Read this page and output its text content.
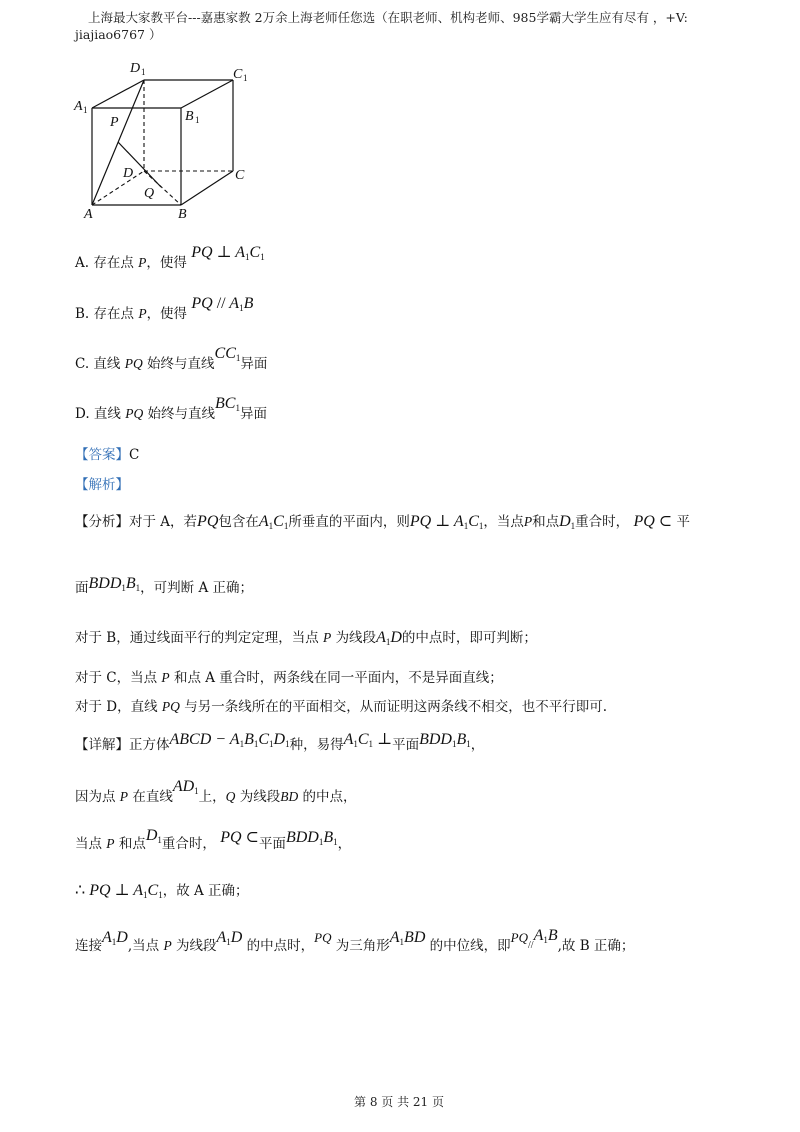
上海最大家教平台---嘉惠家教 2万余上海老师任您选（在职老师、机构老师、985学霸大学生应有尽有 ，+V:
jiajiao6767 ）
D 1	C 1
A 1	B 1
P
D
Q
C
A	B
A. 存在点 P，使得 PQ ⊥ $A_1C_1$
B. 存在点 P，使得 PQ // $A_1B$
C. 直线 PQ 始终与直线$CC_1$异面
D. 直线 PQ 始终与直线$BC_1$异面
【答案】C
【解析】
【分析】对于 A，若PQ包含在$A_1C_1$所垂直的平面内，则PQ ⊥ $A_1C_1$，当点P和点$D_1$重合时， PQ ⊂ 平
面$BDD_1B_1$，可判断 A 正确；
对于 B，通过线面平行的判定定理，当点 P 为线段$A_1D$的中点时，即可判断；
对于 C，当点 P 和点 A 重合时，两条线在同一平面内，不是异面直线；
对于 D，直线 PQ 与另一条线所在的平面相交，从而证明这两条线不相交，也不平行即可.
【详解】正方体ABCD − $A_1B_1C_1D_1$种，易得$A_1C_1$ ⊥平面$BDD_1B_1$，
因为点 P 在直线$AD_1$上，Q 为线段BD 的中点，
当点 P 和点$D_1$重合时， PQ ⊂平面$BDD_1B_1$，
∴ PQ ⊥ $A_1C_1$，故 A 正确；
连接$A_1D$,当点 P 为线段$A_1D$ 的中点时，PQ 为三角形$A_1BD$ 的中位线，即$PQ_{//}A_1B$,故 B 正确；
第 8 页 共 21 页
